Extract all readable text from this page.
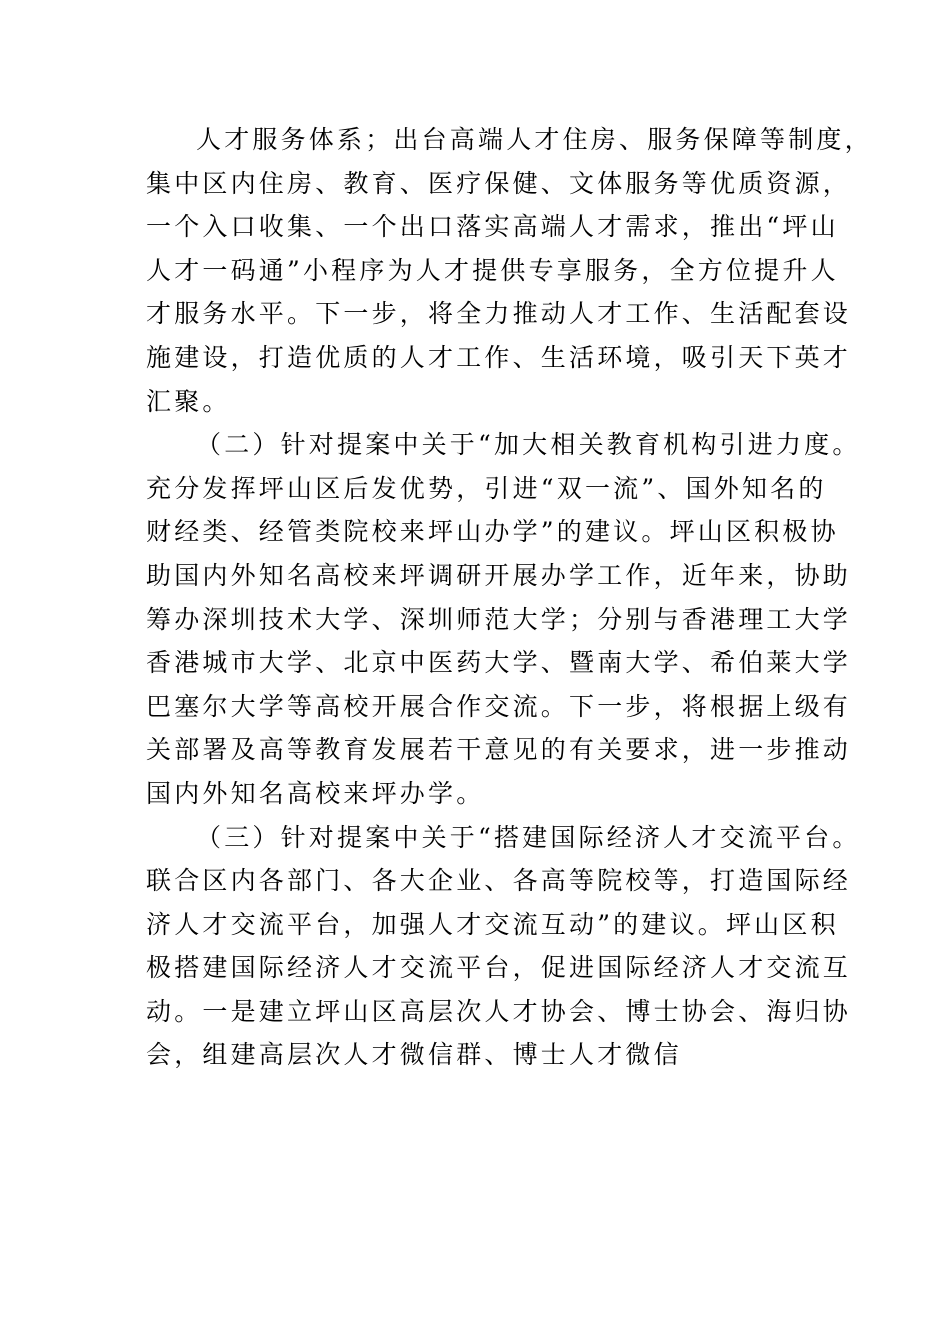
人才服务体系；出台高端人才住房、服务保障等制度，
集中区内住房、教育、医疗保健、文体服务等优质资源，
一个入口收集、一个出口落实高端人才需求，推出“坪山
人才一码通”小程序为人才提供专享服务，全方位提升人
才服务水平。下一步，将全力推动人才工作、生活配套设
施建设，打造优质的人才工作、生活环境，吸引天下英才
汇聚。
（二）针对提案中关于“加大相关教育机构引进力度。
充分发挥坪山区后发优势，引进“双一流”、国外知名的
财经类、经管类院校来坪山办学”的建议。坪山区积极协
助国内外知名高校来坪调研开展办学工作，近年来，协助
筹办深圳技术大学、深圳师范大学；分别与香港理工大学
香港城市大学、北京中医药大学、暨南大学、希伯莱大学
巴塞尔大学等高校开展合作交流。下一步，将根据上级有
关部署及高等教育发展若干意见的有关要求，进一步推动
国内外知名高校来坪办学。
（三）针对提案中关于“搭建国际经济人才交流平台。
联合区内各部门、各大企业、各高等院校等，打造国际经
济人才交流平台，加强人才交流互动”的建议。坪山区积
极搭建国际经济人才交流平台，促进国际经济人才交流互
动。一是建立坪山区高层次人才协会、博士协会、海归协
会，组建高层次人才微信群、博士人才微信
